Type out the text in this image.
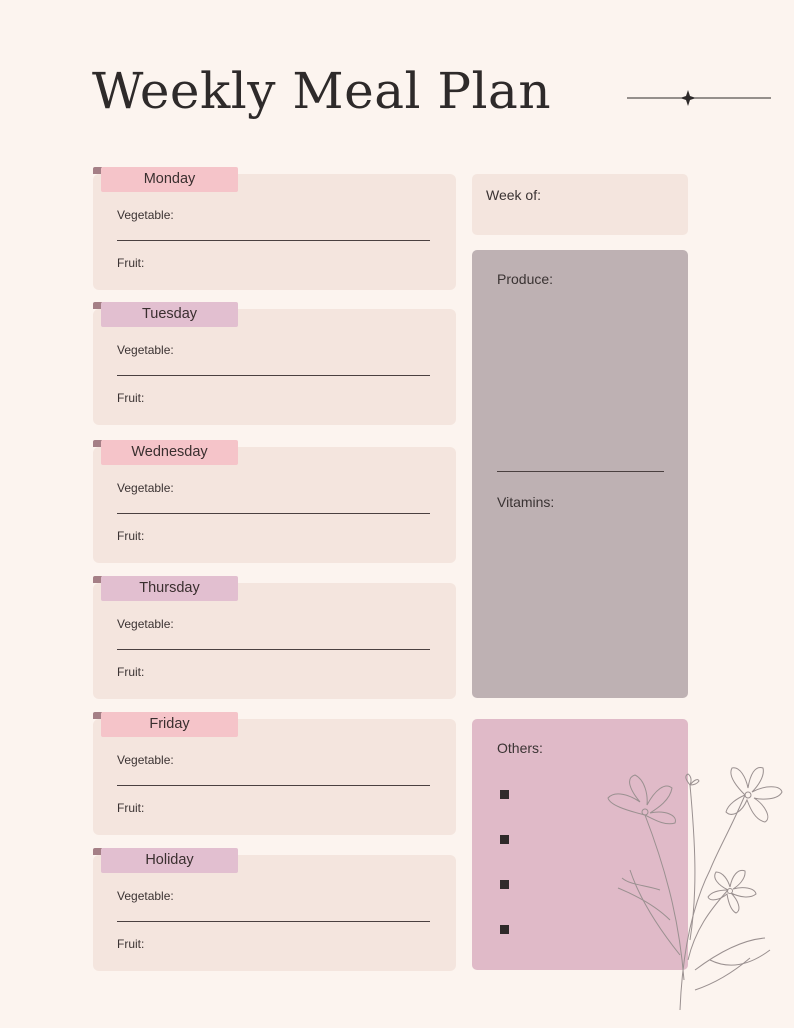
Weekly Meal Plan
Monday
Vegetable:
Fruit:
Tuesday
Vegetable:
Fruit:
Wednesday
Vegetable:
Fruit:
Thursday
Vegetable:
Fruit:
Friday
Vegetable:
Fruit:
Holiday
Vegetable:
Fruit:
Week of:
Produce:
Vitamins:
Others:
